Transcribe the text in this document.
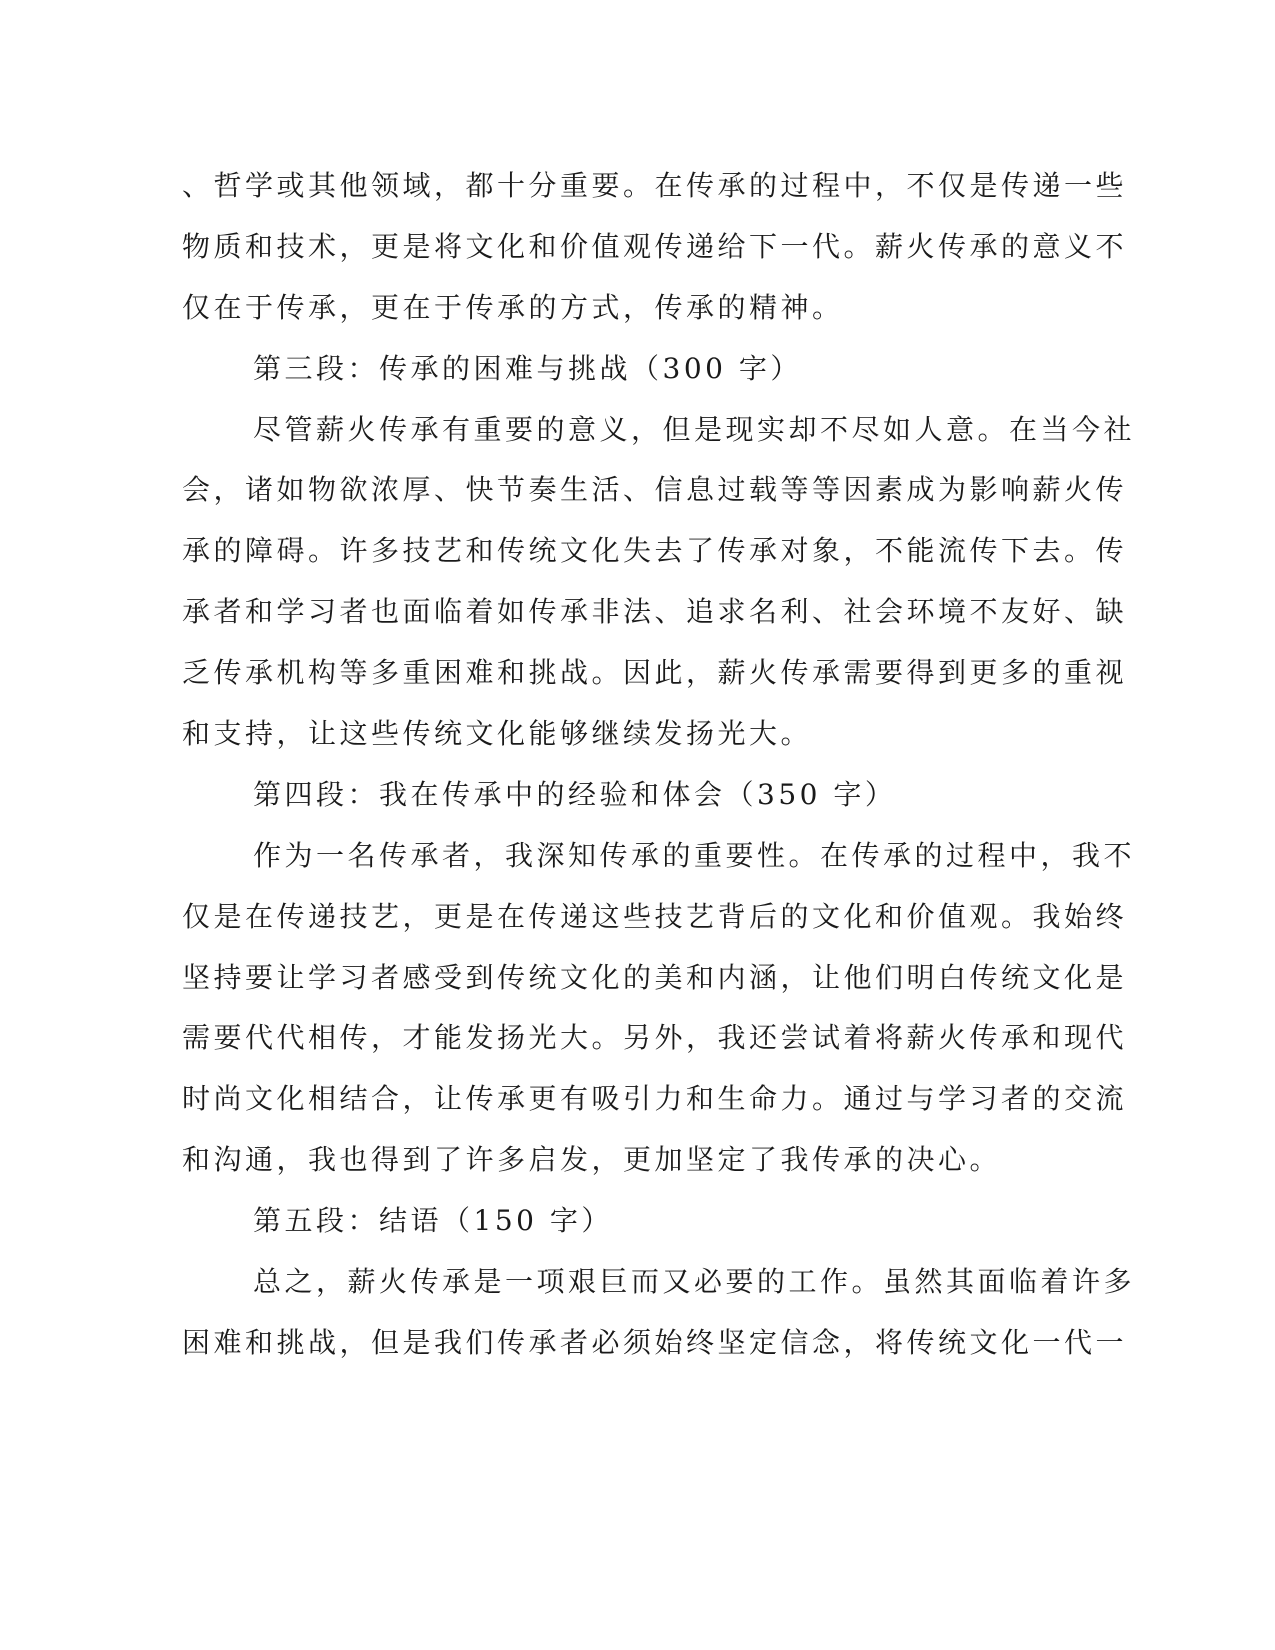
、哲学或其他领域，都十分重要。在传承的过程中，不仅是传递一些
物质和技术，更是将文化和价值观传递给下一代。薪火传承的意义不
仅在于传承，更在于传承的方式，传承的精神。
第三段：传承的困难与挑战（300 字）
尽管薪火传承有重要的意义，但是现实却不尽如人意。在当今社
会，诸如物欲浓厚、快节奏生活、信息过载等等因素成为影响薪火传
承的障碍。许多技艺和传统文化失去了传承对象，不能流传下去。传
承者和学习者也面临着如传承非法、追求名利、社会环境不友好、缺
乏传承机构等多重困难和挑战。因此，薪火传承需要得到更多的重视
和支持，让这些传统文化能够继续发扬光大。
第四段：我在传承中的经验和体会（350 字）
作为一名传承者，我深知传承的重要性。在传承的过程中，我不
仅是在传递技艺，更是在传递这些技艺背后的文化和价值观。我始终
坚持要让学习者感受到传统文化的美和内涵，让他们明白传统文化是
需要代代相传，才能发扬光大。另外，我还尝试着将薪火传承和现代
时尚文化相结合，让传承更有吸引力和生命力。通过与学习者的交流
和沟通，我也得到了许多启发，更加坚定了我传承的决心。
第五段：结语（150 字）
总之，薪火传承是一项艰巨而又必要的工作。虽然其面临着许多
困难和挑战，但是我们传承者必须始终坚定信念，将传统文化一代一
